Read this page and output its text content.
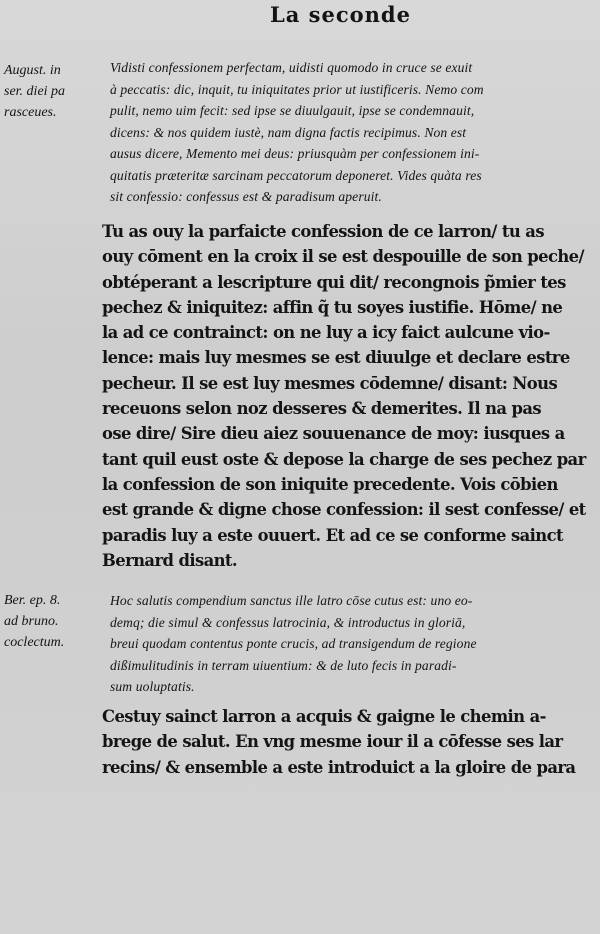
La seconde
August. in
ser. diei pa
rasceues.
Vidisti confessionem perfectam, uidisti quomodo in cruce se exuit
à peccatis: dic, inquit, tu iniquitates prior ut iustificeris. Nemo com
pulit, nemo uim fecit: sed ipse se diuulgauit, ipse se condemnauit,
dicens: & nos quidem iustè, nam digna factis recipimus. Non est
ausus dicere, Memento mei deus: priusquàm per confessionem ini-
quitatis præteritæ sarcinam peccatorum deponeret. Vides quàta res
sit confessio: confessus est & paradisum aperuit.
Tu as ouy la parfaicte confession de ce larron/ tu as
ouy cōment en la croix il se est despouille de son peche/
obtéperant a lescripture qui dit/ recongnois p̃mier tes
pechez & iniquitez: affin q̃ tu soyes iustifie. Hōme/ ne
la ad ce contrainct: on ne luy a icy faict aulcune vio-
lence: mais luy mesmes se est diuulge et declare estre
pecheur. Il se est luy mesmes cōdemne/ disant: Nous
receuons selon noz desseres & demerites. Il na pas
ose dire/ Sire dieu aiez souuenance de moy: iusques a
tant quil eust oste & depose la charge de ses pechez par
la confession de son iniquite precedente. Vois cōbien
est grande & digne chose confession: il sest confesse/ et
paradis luy a este ouuert. Et ad ce se conforme sainct
Bernard disant.
Ber. ep. 8.
ad bruno.
coclectum.
Hoc salutis compendium sanctus ille latro cōse cutus est: uno eo-
demq; die simul & confessus latrocinia, & introductus in gloriā,
breui quodam contentus ponte crucis, ad transigendum de regione
dißimulitudinis in terram uiuentium: & de luto fecis in paradi-
sum uoluptatis.
Cestuy sainct larron a acquis & gaigne le chemin a-
brege de salut. En vng mesme iour il a cōfesse ses lar
recins/ & ensemble a este introduict a la gloire de para
